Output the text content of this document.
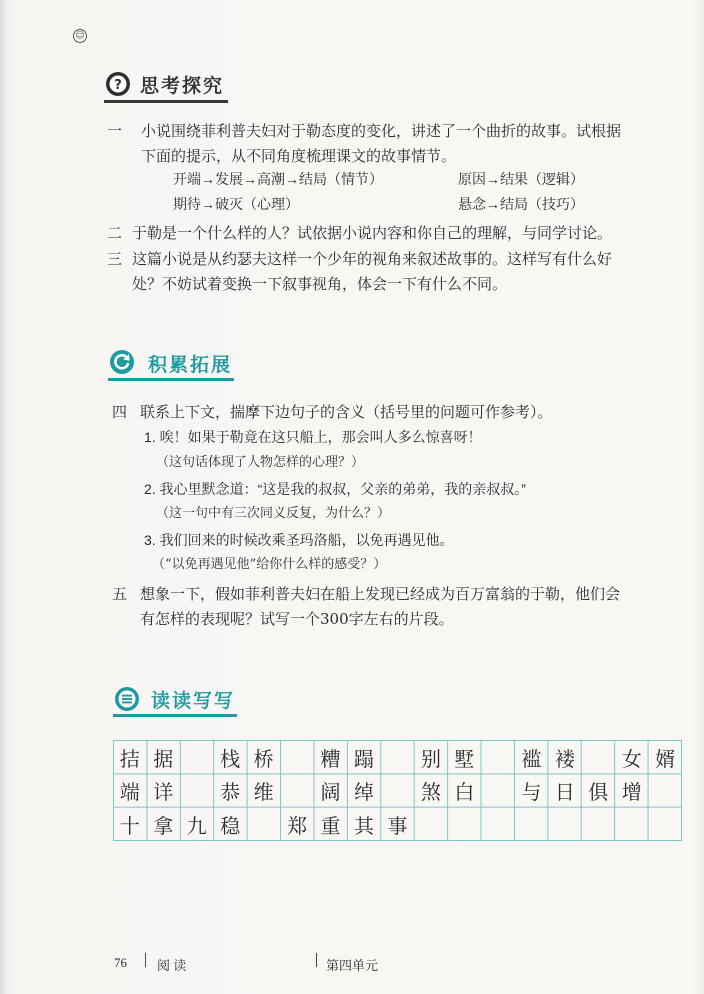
☺
? 思考探究
一 小说围绕菲利普夫妇对于勒态度的变化，讲述了一个曲折的故事。试根据
下面的提示，从不同角度梳理课文的故事情节。
开端→发展→高潮→结局（情节）	原因→结果（逻辑）
期待→破灭（心理）	悬念→结局（技巧）
二 于勒是一个什么样的人？试依据小说内容和你自己的理解，与同学讨论。
三 这篇小说是从约瑟夫这样一个少年的视角来叙述故事的。这样写有什么好
处？不妨试着变换一下叙事视角，体会一下有什么不同。
积累拓展
四 联系上下文，揣摩下边句子的含义（括号里的问题可作参考）。
1. 唉！如果于勒竟在这只船上，那会叫人多么惊喜呀！
（这句话体现了人物怎样的心理？）
2. 我心里默念道：“这是我的叔叔，父亲的弟弟，我的亲叔叔。”
（这一句中有三次同义反复，为什么？）
3. 我们回来的时候改乘圣玛洛船，以免再遇见他。
（“以免再遇见他”给你什么样的感受？）
五 想象一下，假如菲利普夫妇在船上发现已经成为百万富翁的于勒，他们会
有怎样的表现呢？试写一个300字左右的片段。
读读写写
拮 据	栈 桥	糟 蹋	别 墅	褴 褛	女 婿
端 详	恭 维	阔 绰	煞 白	与 日 俱 增
十 拿 九 稳	郑 重 其 事
76 阅 读	第四单元
